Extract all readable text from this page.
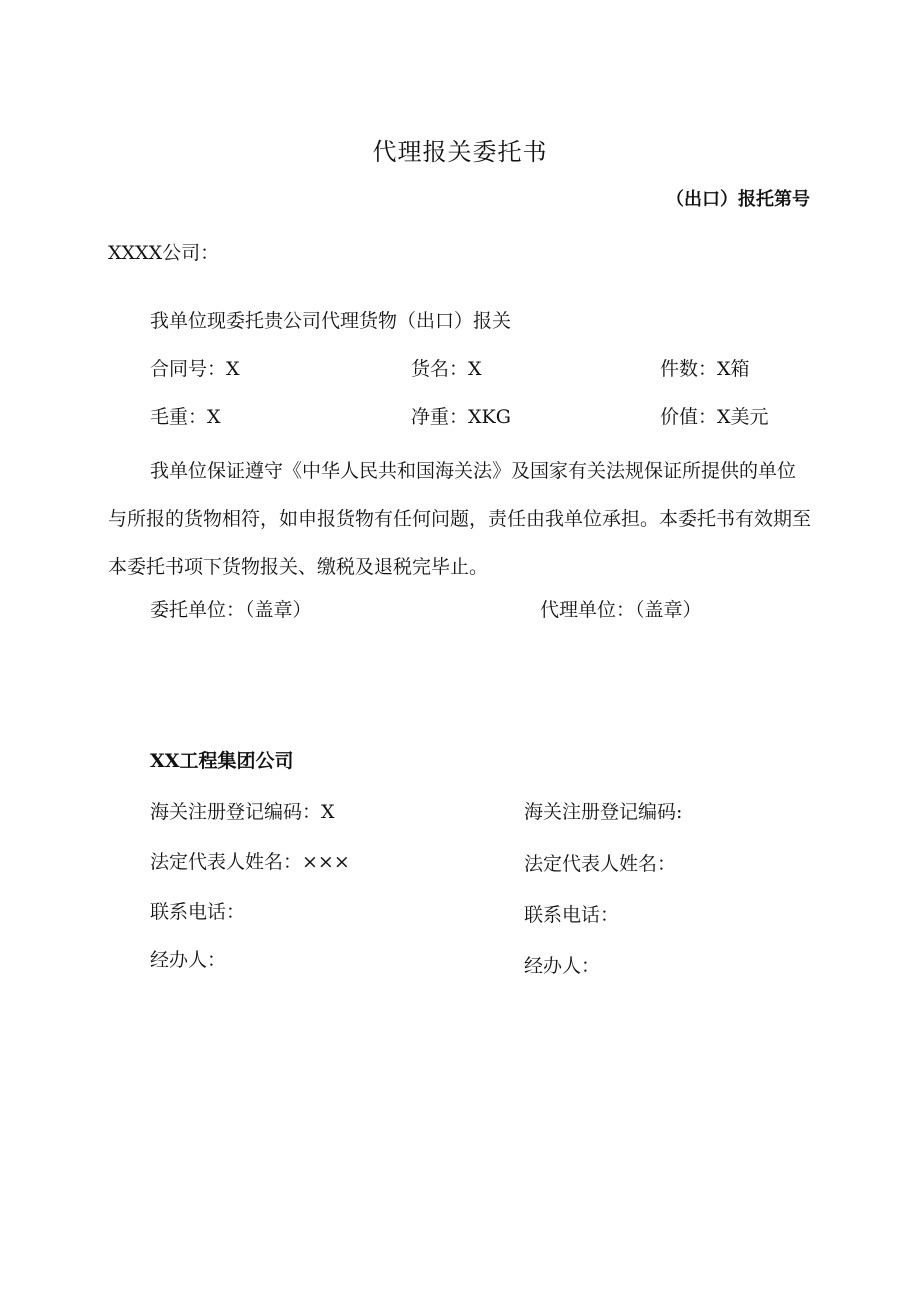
代理报关委托书
（出口）报托第号
XXXX公司：
我单位现委托贵公司代理货物（出口）报关
合同号：X	货名：X	件数：X箱
毛重：X	净重：XKG	价值：X美元
我单位保证遵守《中华人民共和国海关法》及国家有关法规保证所提供的单位与所报的货物相符，如申报货物有任何问题，责任由我单位承担。本委托书有效期至本委托书项下货物报关、缴税及退税完毕止。
委托单位：（盖章）	代理单位：（盖章）
XX工程集团公司
海关注册登记编码：X	海关注册登记编码:
法定代表人姓名：×××	法定代表人姓名：
联系电话：	联系电话：
经办人：	经办人：
